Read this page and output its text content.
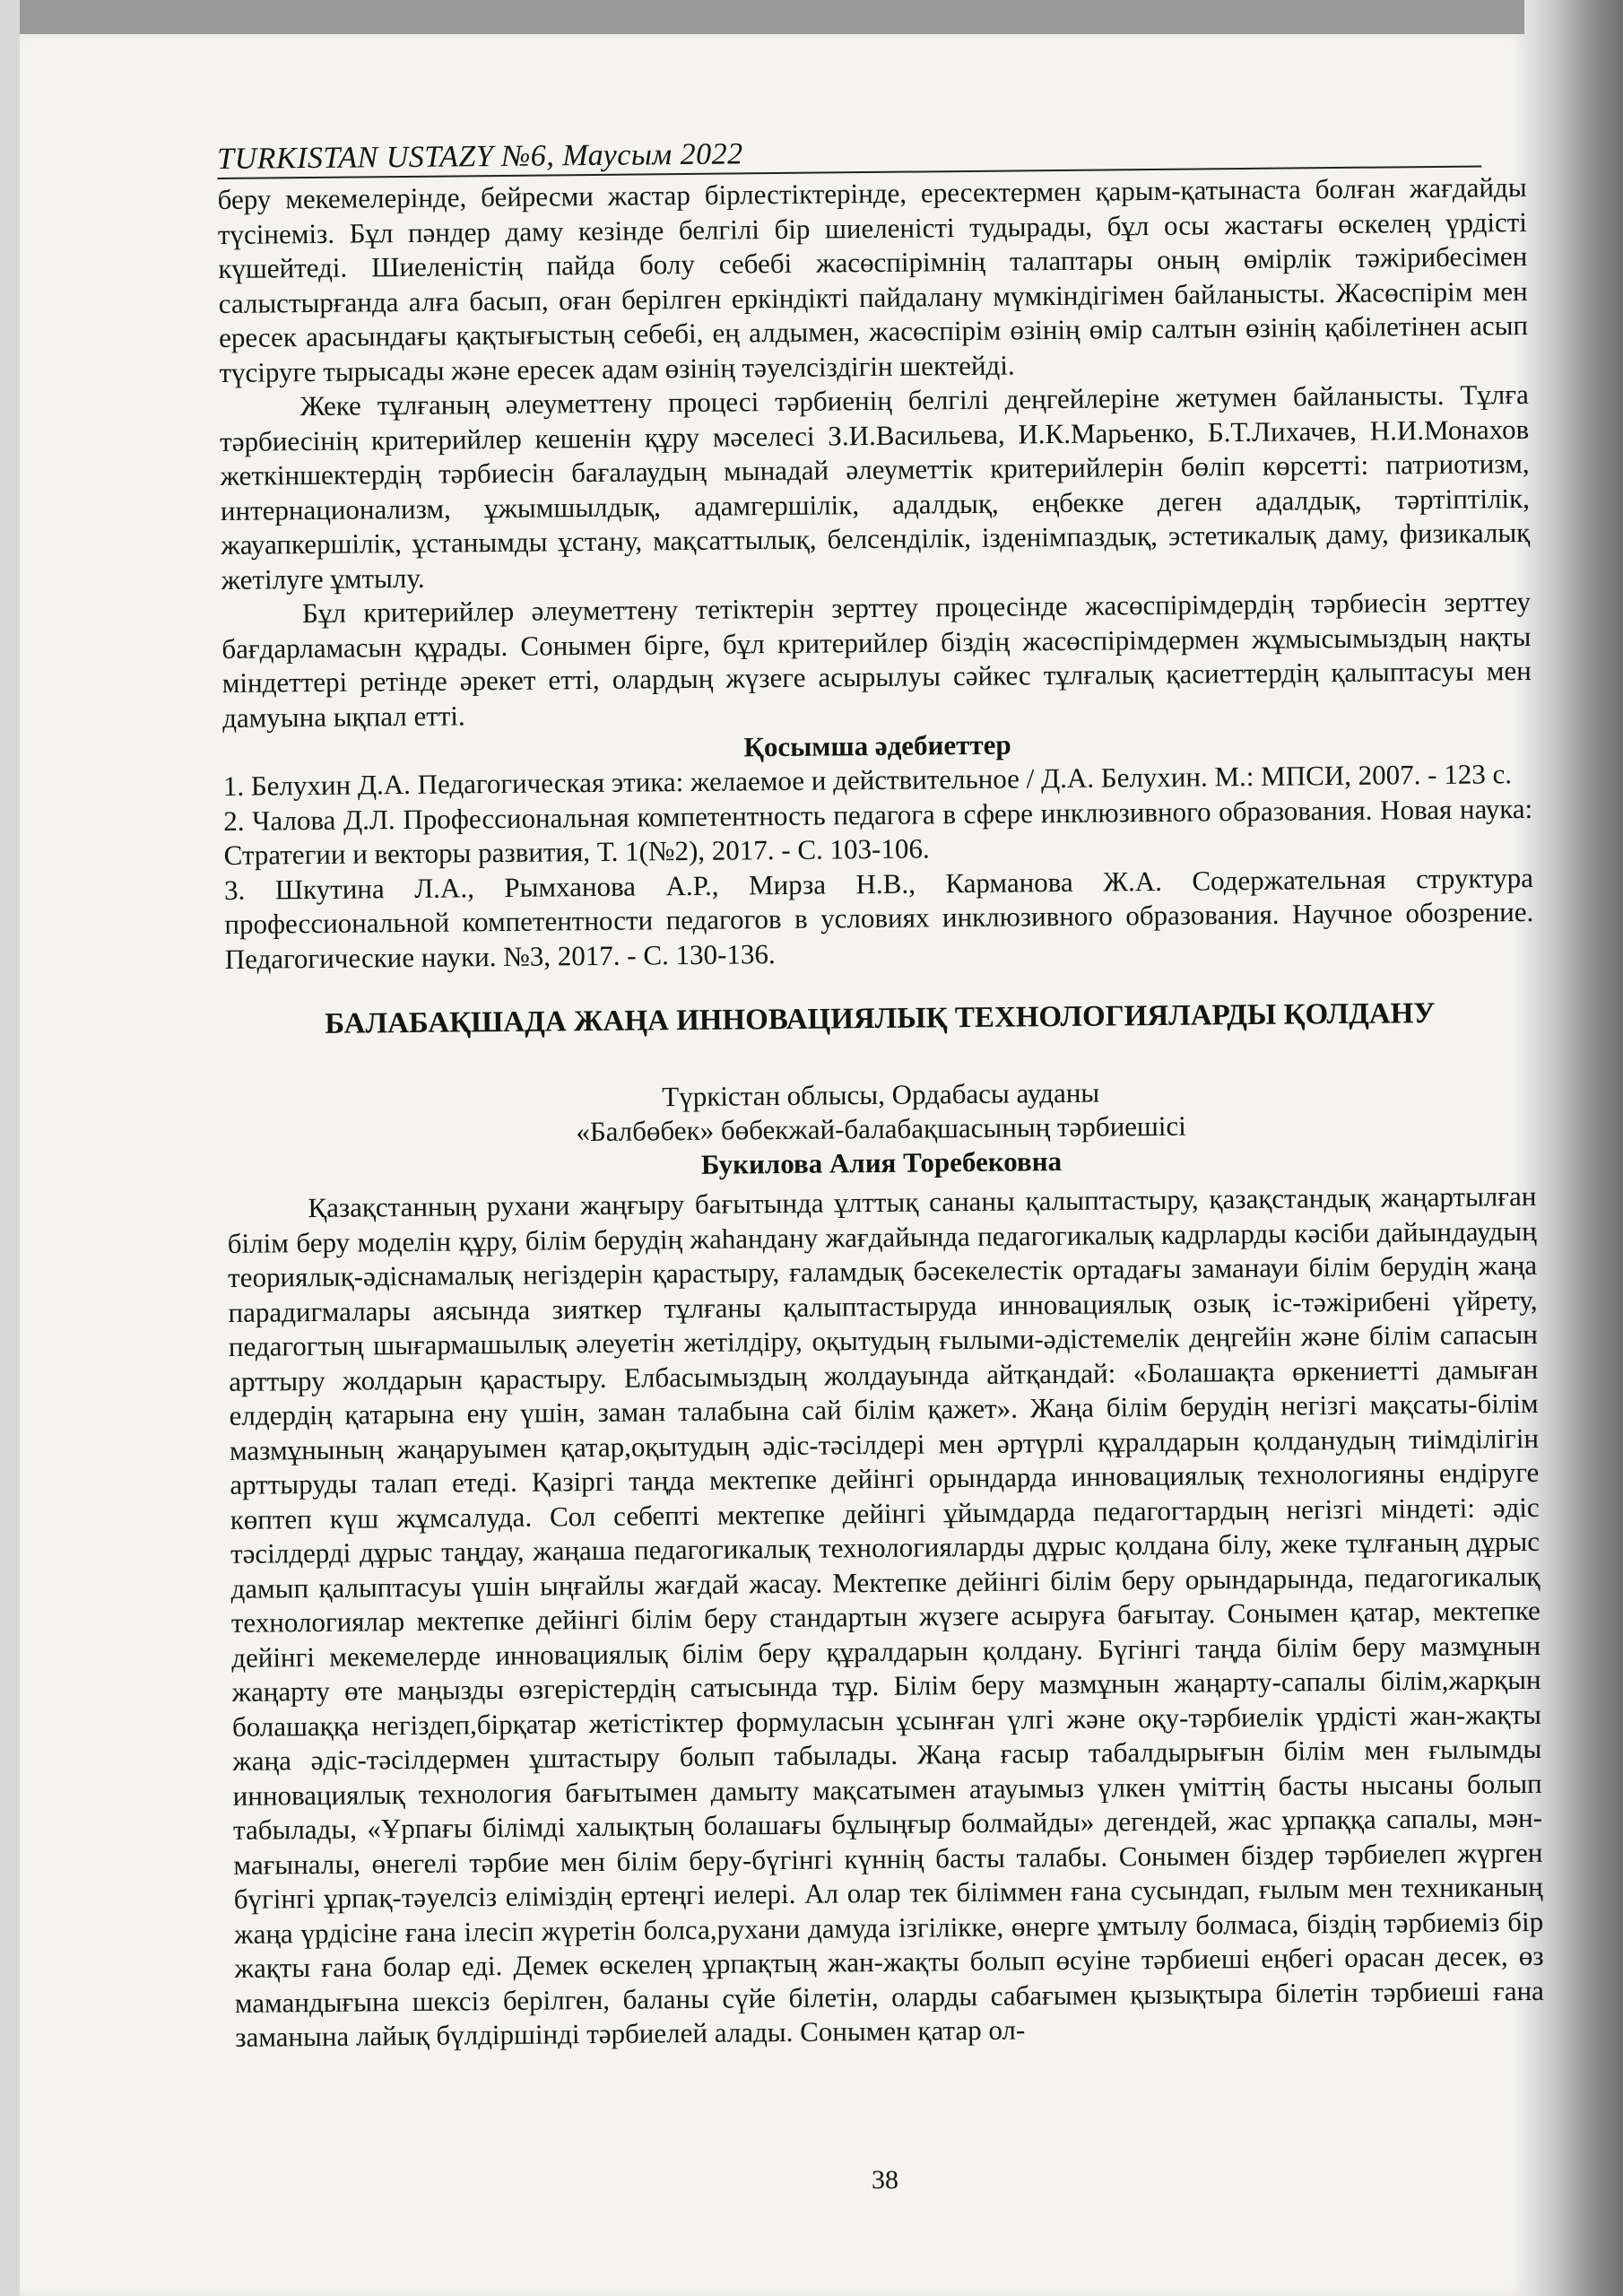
TURKISTAN USTAZY №6, Маусым 2022

беру мекемелерінде, бейресми жастар бірлестіктерінде, ересектермен қарым-қатынаста болған жағдайды түсінеміз. Бұл пәндер даму кезінде белгілі бір шиеленісті тудырады, бұл осы жастағы өскелең үрдісті күшейтеді. Шиеленістің пайда болу себебі жасөспірімнің талаптары оның өмірлік тәжірибесімен салыстырғанда алға басып, оған берілген еркіндікті пайдалану мүмкіндігімен байланысты. Жасөспірім мен ересек арасындағы қақтығыстың себебі, ең алдымен, жасөспірім өзінің өмір салтын өзінің қабілетінен асып түсіруге тырысады және ересек адам өзінің тәуелсіздігін шектейді.

Жеке тұлғаның әлеуметтену процесі тәрбиенің белгілі деңгейлеріне жетумен байланысты. Тұлға тәрбиесінің критерийлер кешенін құру мәселесі З.И.Васильева, И.К.Марьенко, Б.Т.Лихачев, Н.И.Монахов жеткіншектердің тәрбиесін бағалаудың мынадай әлеуметтік критерийлерін бөліп көрсетті: патриотизм, интернационализм, ұжымшылдық, адамгершілік, адалдық, еңбекке деген адалдық, тәртіптілік, жауапкершілік, ұстанымды ұстану, мақсаттылық, белсенділік, ізденімпаздық, эстетикалық даму, физикалық жетілуге ұмтылу.

Бұл критерийлер әлеуметтену тетіктерін зерттеу процесінде жасөспірімдердің тәрбиесін зерттеу бағдарламасын құрады. Сонымен бірге, бұл критерийлер біздің жасөспірімдермен жұмысымыздың нақты міндеттері ретінде әрекет етті, олардың жүзеге асырылуы сәйкес тұлғалық қасиеттердің қалыптасуы мен дамуына ықпал етті.

Қосымша әдебиеттер

1. Белухин Д.А. Педагогическая этика: желаемое и действительное / Д.А. Белухин. М.: МПСИ, 2007. - 123 с.

2. Чалова Д.Л. Профессиональная компетентность педагога в сфере инклюзивного образования. Новая наука: Стратегии и векторы развития, Т. 1(№2), 2017. - С. 103-106.

3. Шкутина Л.А., Рымханова А.Р., Мирза Н.В., Карманова Ж.А. Содержательная структура профессиональной компетентности педагогов в условиях инклюзивного образования. Научное обозрение. Педагогические науки. №3, 2017. - С. 130-136.

БАЛАБАҚШАДА ЖАҢА ИННОВАЦИЯЛЫҚ ТЕХНОЛОГИЯЛАРДЫ ҚОЛДАНУ
Түркістан облысы, Ордабасы ауданы
«Балбөбек» бөбекжай-балабақшасының тәрбиешісі
Букилова Алия Торебековна

Қазақстанның рухани жаңғыру бағытында ұлттық сананы қалыптастыру, қазақстандық жаңартылған білім беру моделін құру, білім берудің жаһандану жағдайында педагогикалық кадрларды кәсіби дайындаудың теориялық-әдіснамалық негіздерін қарастыру, ғаламдық бәсекелестік ортадағы заманауи білім берудің жаңа парадигмалары аясында зияткер тұлғаны қалыптастыруда инновациялық озық іс-тәжірибені үйрету, педагогтың шығармашылық әлеуетін жетілдіру, оқытудың ғылыми-әдістемелік деңгейін және білім сапасын арттыру жолдарын қарастыру. Елбасымыздың жолдауында айтқандай: «Болашақта өркениетті дамыған елдердің қатарына ену үшін, заман талабына сай білім қажет». Жаңа білім берудің негізгі мақсаты-білім мазмұнының жаңаруымен қатар,оқытудың әдіс-тәсілдері мен әртүрлі құралдарын қолданудың тиімділігін арттыруды талап етеді. Қазіргі таңда мектепке дейінгі орындарда инновациялық технологияны ендіруге көптеп күш жұмсалуда. Сол себепті мектепке дейінгі ұйымдарда педагогтардың негізгі міндеті: әдіс тәсілдерді дұрыс таңдау, жаңаша педагогикалық технологияларды дұрыс қолдана білу, жеке тұлғаның дұрыс дамып қалыптасуы үшін ыңғайлы жағдай жасау. Мектепке дейінгі білім беру орындарында, педагогикалық технологиялар мектепке дейінгі білім беру стандартын жүзеге асыруға бағытау. Сонымен қатар, мектепке дейінгі мекемелерде инновациялық білім беру құралдарын қолдану. Бүгінгі таңда білім беру мазмұнын жаңарту өте маңызды өзгерістердің сатысында тұр. Білім беру мазмұнын жаңарту-сапалы білім,жарқын болашаққа негіздеп,бірқатар жетістіктер формуласын ұсынған үлгі және оқу-тәрбиелік үрдісті жан-жақты жаңа әдіс-тәсілдермен ұштастыру болып табылады. Жаңа ғасыр табалдырығын білім мен ғылымды инновациялық технология бағытымен дамыту мақсатымен атауымыз үлкен үміттің басты нысаны болып табылады, «Ұрпағы білімді халықтың болашағы бұлыңғыр болмайды» дегендей, жас ұрпаққа сапалы, мән-мағыналы, өнегелі тәрбие мен білім беру-бүгінгі күннің басты талабы. Сонымен біздер тәрбиелеп жүрген бүгінгі ұрпақ-тәуелсіз еліміздің ертеңгі иелері. Ал олар тек біліммен ғана сусындап, ғылым мен техниканың жаңа үрдісіне ғана ілесіп жүретін болса,рухани дамуда ізгілікке, өнерге ұмтылу болмаса, біздің тәрбиеміз бір жақты ғана болар еді. Демек өскелең ұрпақтың жан-жақты болып өсуіне тәрбиеші еңбегі орасан десек, өз мамандығына шексіз берілген, баланы сүйе білетін, оларды сабағымен қызықтыра білетін тәрбиеші ғана заманына лайық бүлдіршінді тәрбиелей алады. Сонымен қатар ол-

38
